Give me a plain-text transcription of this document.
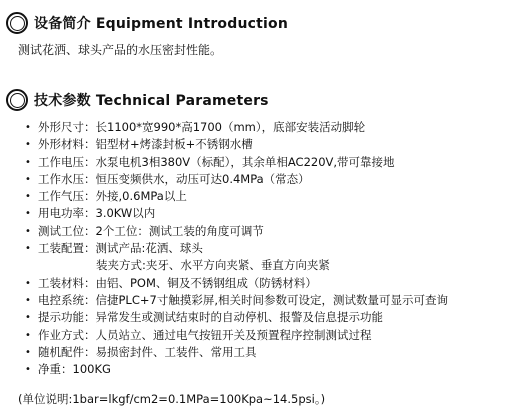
设备简介 Equipment Introduction
测试花洒、球头产品的水压密封性能。
技术参数 Technical Parameters
• 外形尺寸：长1100*宽990*高1700（mm），底部安装活动脚轮
• 外形材料：铝型材+烤漆封板+不锈钢水槽
• 工作电压：水泵电机3相380V（标配），其余单相AC220V,带可靠接地
• 工作水压：恒压变频供水，动压可达0.4MPa（常态）
• 工作气压：外接,0.6MPa以上
• 用电功率：3.0KW以内
• 测试工位：2个工位：测试工装的角度可调节
• 工装配置：测试产品:花洒、球头
装夹方式:夹牙、水平方向夹紧、垂直方向夹紧
• 工装材料：由铝、POM、铜及不锈钢组成（防锈材料）
• 电控系统：信捷PLC+7寸触摸彩屏,相关时间参数可设定，测试数量可显示可查询
• 提示功能：异常发生或测试结束时的自动停机、报警及信息提示功能
• 作业方式：人员站立、通过电气按钮开关及预置程序控制测试过程
• 随机配件：易损密封件、工装件、常用工具
• 净重：100KG
(单位说明:1bar=lkgf/cm2=0.1MPa=100Kpa~14.5psi。)
